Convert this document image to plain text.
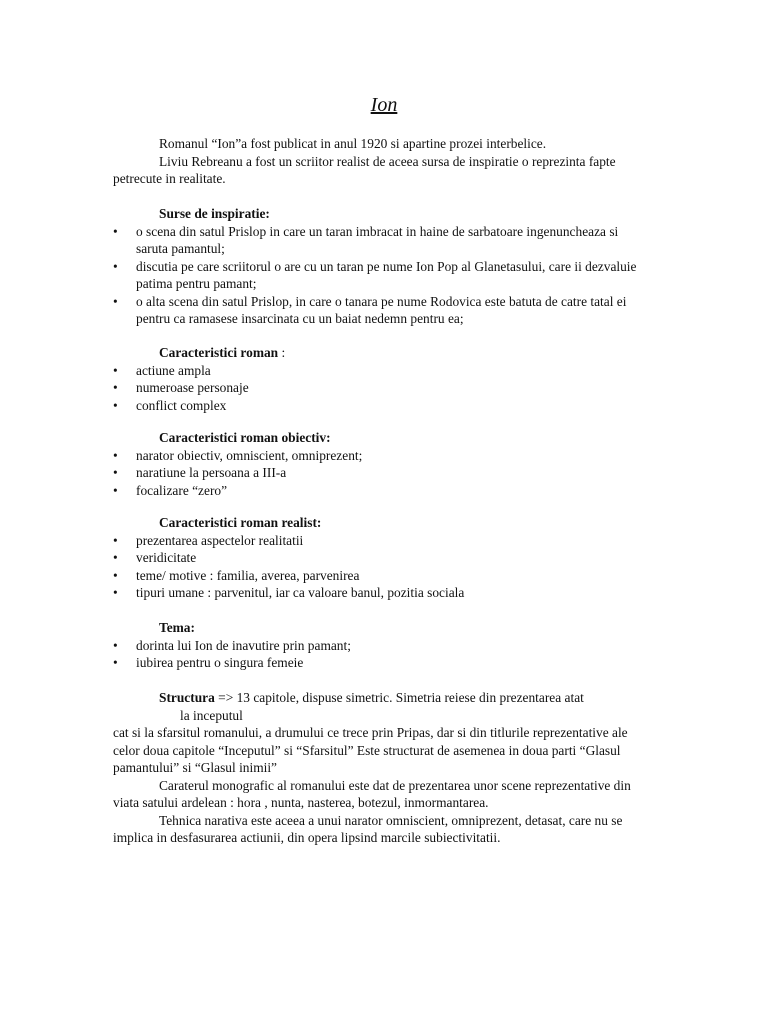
Ion

Romanul “Ion”a fost publicat in anul 1920 si apartine prozei interbelice.

Liviu Rebreanu a fost un scriitor realist de aceea sursa de inspiratie o reprezinta fapte petrecute in realitate.

Surse de inspiratie:

• o scena din satul Prislop in care un taran imbracat in haine de sarbatoare ingenuncheaza si saruta pamantul;
• discutia pe care scriitorul o are cu un taran pe nume Ion Pop al Glanetasului, care ii dezvaluie patima pentru pamant;
• o alta scena din satul Prislop, in care o tanara pe nume Rodovica este batuta de catre tatal ei pentru ca ramasese insarcinata cu un baiat nedemn pentru ea;

Caracteristici roman :

• actiune ampla
• numeroase personaje
• conflict complex

Caracteristici roman obiectiv:

• narator obiectiv, omniscient, omniprezent;
• naratiune la persoana a III-a
• focalizare “zero”

Caracteristici roman realist:

• prezentarea aspectelor realitatii
• veridicitate
• teme/ motive : familia, averea, parvenirea
• tipuri umane : parvenitul, iar ca valoare banul, pozitia sociala

Tema:

• dorinta lui Ion de inavutire prin pamant;
• iubirea pentru o singura femeie

Structura => 13 capitole, dispuse simetric. Simetria reiese din prezentarea atat

la inceputul

cat si la sfarsitul romanului, a drumului ce trece prin Pripas, dar si din titlurile reprezentative ale celor doua capitole “Inceputul” si “Sfarsitul” Este structurat de asemenea in doua parti “Glasul pamantului” si “Glasul inimii”

Caraterul monografic al romanului este dat de prezentarea unor scene reprezentative din viata satului ardelean : hora , nunta, nasterea, botezul, inmormantarea.

Tehnica narativa este aceea a unui narator omniscient, omniprezent, detasat, care nu se implica in desfasurarea actiunii, din opera lipsind marcile subiectivitatii.
